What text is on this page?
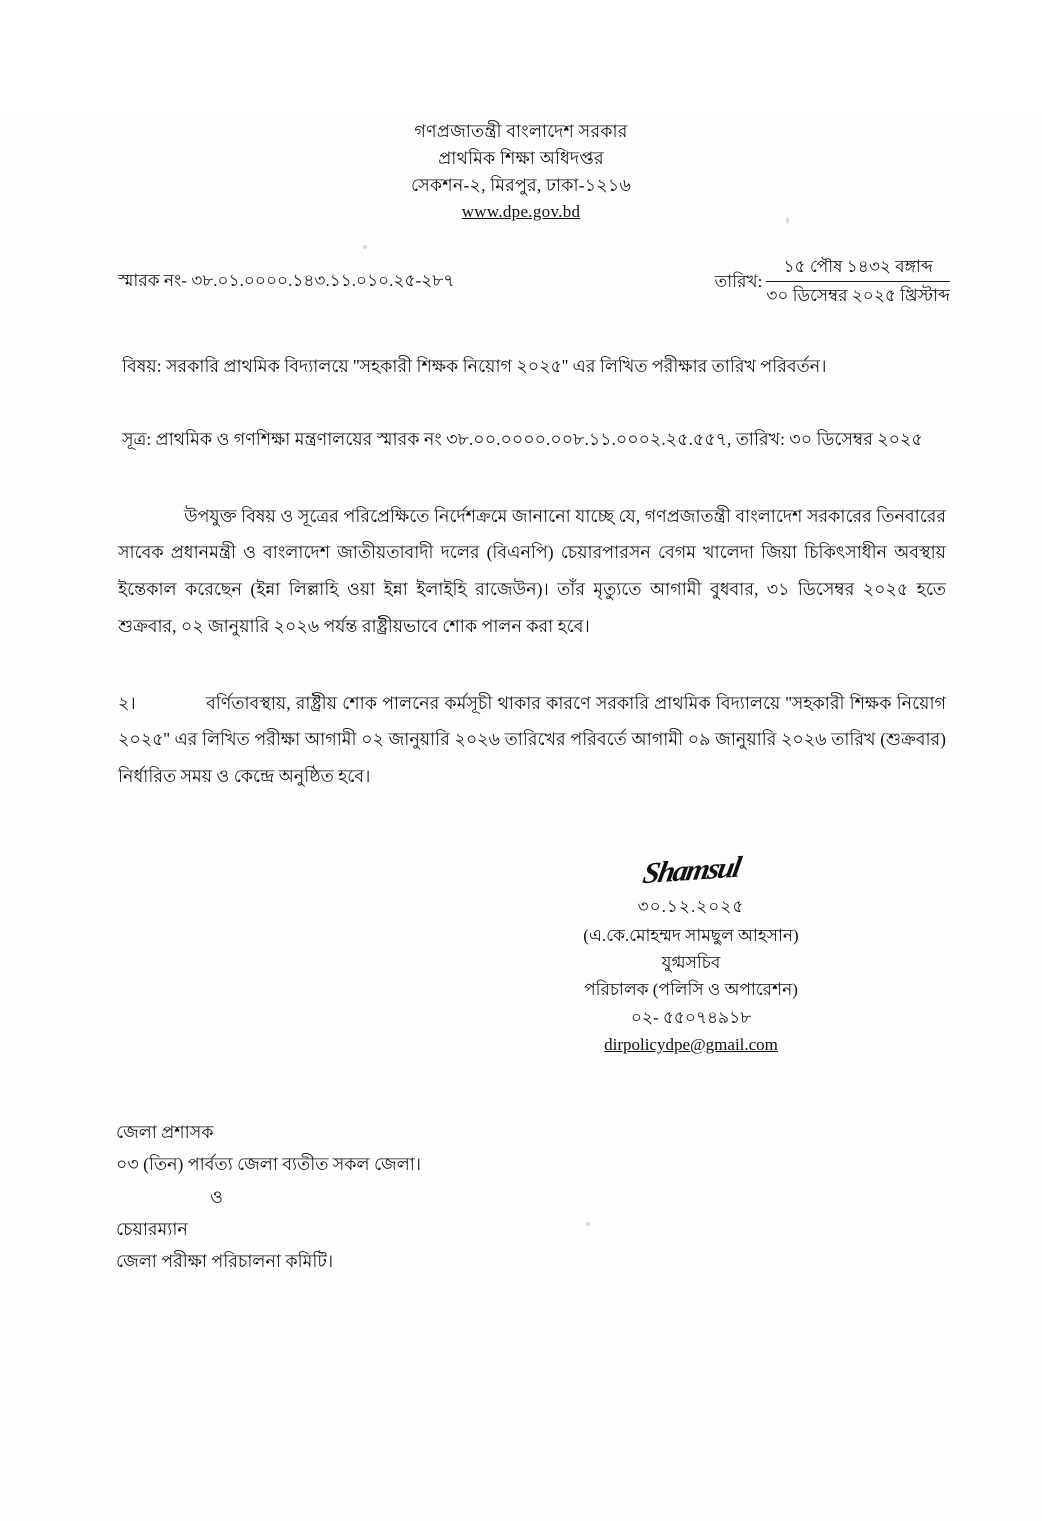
গণপ্রজাতন্ত্রী বাংলাদেশ সরকার
প্রাথমিক শিক্ষা অধিদপ্তর
সেকশন-২, মিরপুর, ঢাকা-১২১৬
www.dpe.gov.bd
স্মারক নং- ৩৮.০১.০০০০.১৪৩.১১.০১০.২৫-২৮৭	তারিখ:
১৫ পৌষ ১৪৩২ বঙ্গাব্দ
৩০ ডিসেম্বর ২০২৫ খ্রিস্টাব্দ
বিষয়: সরকারি প্রাথমিক বিদ্যালয়ে ''সহকারী শিক্ষক নিয়োগ ২০২৫'' এর লিখিত পরীক্ষার তারিখ পরিবর্তন।
সূত্র: প্রাথমিক ও গণশিক্ষা মন্ত্রণালয়ের স্মারক নং ৩৮.০০.০০০০.০০৮.১১.০০০২.২৫.৫৫৭, তারিখ: ৩০ ডিসেম্বর ২০২৫
উপযুক্ত বিষয় ও সূত্রের পরিপ্রেক্ষিতে নির্দেশক্রমে জানানো যাচ্ছে যে, গণপ্রজাতন্ত্রী বাংলাদেশ সরকারের তিনবারের সাবেক প্রধানমন্ত্রী ও বাংলাদেশ জাতীয়তাবাদী দলের (বিএনপি) চেয়ারপারসন বেগম খালেদা জিয়া চিকিৎসাধীন অবস্থায় ইন্তেকাল করেছেন (ইন্না লিল্লাহি ওয়া ইন্না ইলাইহি রাজেউন)। তাঁর মৃত্যুতে আগামী বুধবার, ৩১ ডিসেম্বর ২০২৫ হতে শুক্রবার, ০২ জানুয়ারি ২০২৬ পর্যন্ত রাষ্ট্রীয়ভাবে শোক পালন করা হবে।
২।	বর্ণিতাবস্থায়, রাষ্ট্রীয় শোক পালনের কর্মসূচী থাকার কারণে সরকারি প্রাথমিক বিদ্যালয়ে ''সহকারী শিক্ষক নিয়োগ ২০২৫'' এর লিখিত পরীক্ষা আগামী ০২ জানুয়ারি ২০২৬ তারিখের পরিবর্তে আগামী ০৯ জানুয়ারি ২০২৬ তারিখ (শুক্রবার) নির্ধারিত সময় ও কেন্দ্রে অনুষ্ঠিত হবে।
Shamsul
৩০.১২.২০২৫
(এ.কে.মোহম্মদ সামছুল আহসান)
যুগ্মসচিব
পরিচালক (পলিসি ও অপারেশন)
০২- ৫৫০৭৪৯১৮
dirpolicydpe@gmail.com
জেলা প্রশাসক
০৩ (তিন) পার্বত্য জেলা ব্যতীত সকল জেলা।
ও
চেয়ারম্যান
জেলা পরীক্ষা পরিচালনা কমিটি।
